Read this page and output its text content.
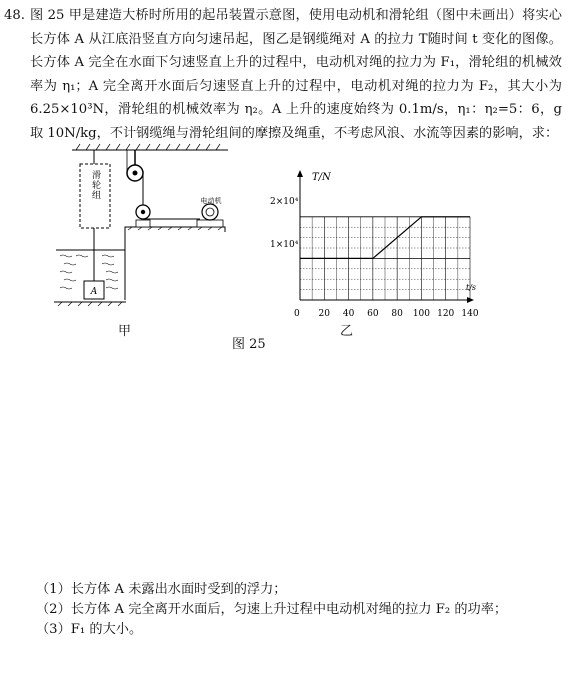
48. 图 25 甲是建造大桥时所用的起吊装置示意图，使用电动机和滑轮组（图中未画出）将实心长方体 A 从江底沿竖直方向匀速吊起，图乙是钢缆绳对 A 的拉力 T随时间 t 变化的图像。长方体 A 完全在水面下匀速竖直上升的过程中，电动机对绳的拉力为 F₁，滑轮组的机械效率为 η₁；A 完全离开水面后匀速竖直上升的过程中，电动机对绳的拉力为 F₂，其大小为 6.25×10³N，滑轮组的机械效率为 η₂。A 上升的速度始终为 0.1m/s，η₁：η₂=5：6，g 取 10N/kg，不计钢缆绳与滑轮组间的摩擦及绳重，不考虑风浪、水流等因素的影响，求：
滑轮组
电动机
A
甲
T/N
t/s
2×10⁴
1×10⁴
0 20 40 60 80 100 120 140
乙
图 25
（1）长方体 A 未露出水面时受到的浮力；
（2）长方体 A 完全离开水面后，匀速上升过程中电动机对绳的拉力 F₂ 的功率；
（3）F₁ 的大小。
